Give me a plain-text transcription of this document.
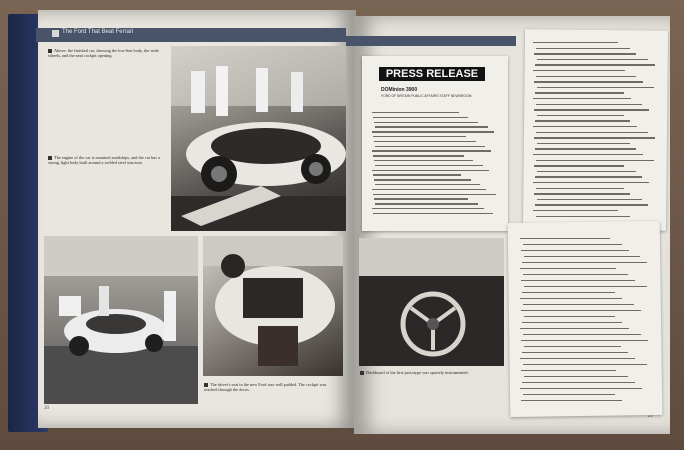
The Ford That Beat Ferrari
Above: the finished car, showing the low-line body, the wide wheels, and the neat cockpit opening.
The engine of the car is mounted amidships, and the car has a strong, light body built around a welded steel structure.
The driver's seat in the new Ford was well padded. The cockpit was reached through the doors.
Dashboard of the first prototype was sparsely instrumented.
20
21
PRESS RELEASE
DOMinion 3900
FORD OF BRITAIN PUBLIC AFFAIRS STAFF NEWSROOM
